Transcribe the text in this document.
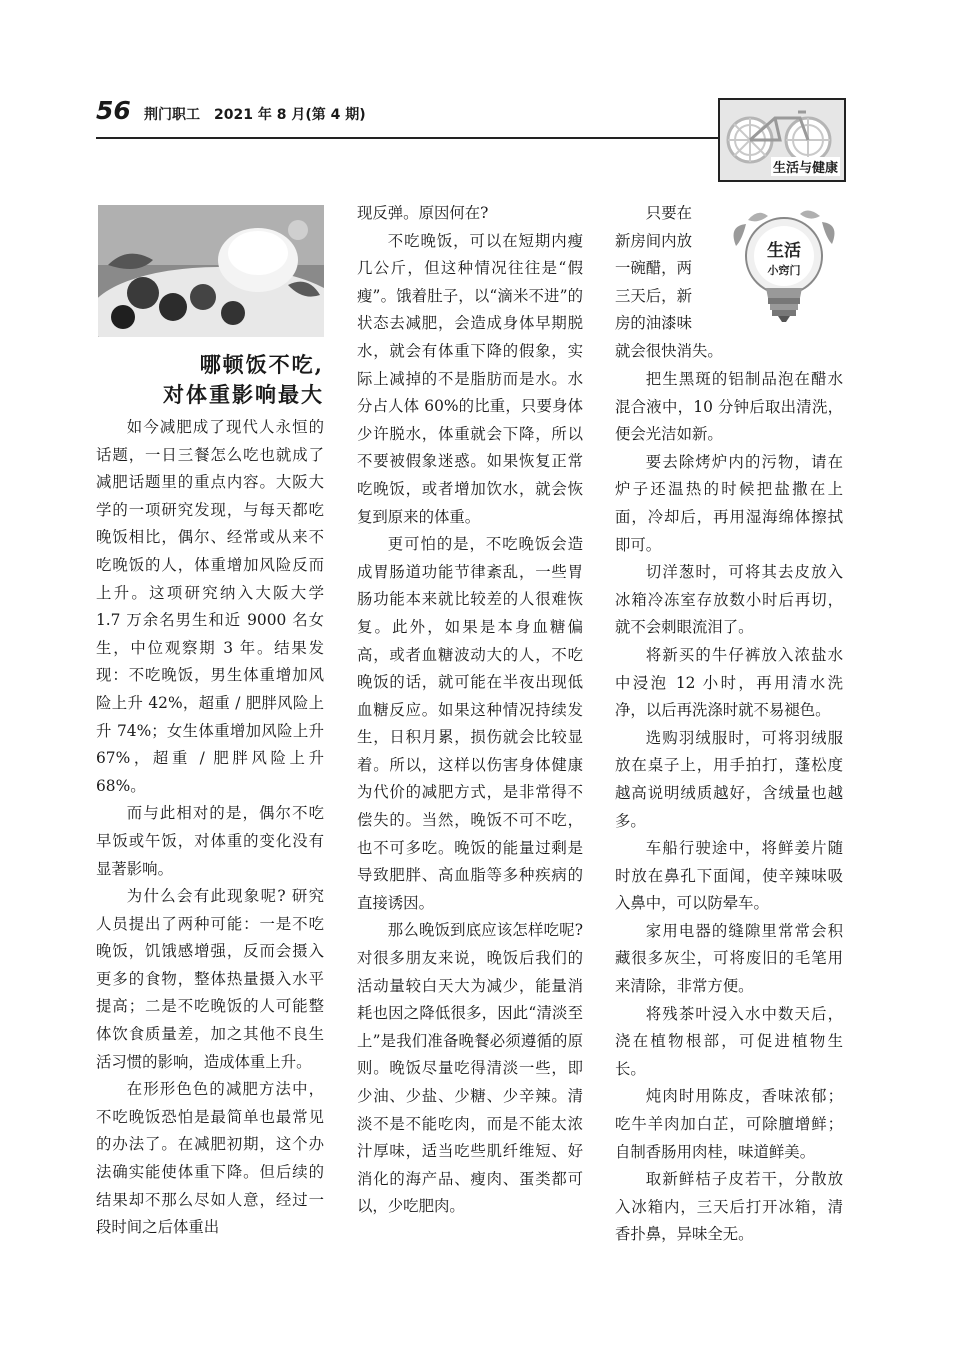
56 荆门职工　2021 年 8 月(第 4 期)
生活与健康
哪顿饭不吃,
对体重影响最大

如今减肥成了现代人永恒的话题，一日三餐怎么吃也就成了减肥话题里的重点内容。大阪大学的一项研究发现，与每天都吃晚饭相比，偶尔、经常或从来不吃晚饭的人，体重增加风险反而上升。这项研究纳入大阪大学 1.7 万余名男生和近 9000 名女生，中位观察期 3 年。结果发现：不吃晚饭，男生体重增加风险上升 42%，超重 / 肥胖风险上升 74%；女生体重增加风险上升 67%，超重 / 肥胖风险上升 68%。

而与此相对的是，偶尔不吃早饭或午饭，对体重的变化没有显著影响。

为什么会有此现象呢? 研究人员提出了两种可能：一是不吃晚饭，饥饿感增强，反而会摄入更多的食物，整体热量摄入水平提高；二是不吃晚饭的人可能整体饮食质量差，加之其他不良生活习惯的影响，造成体重上升。

在形形色色的减肥方法中，不吃晚饭恐怕是最简单也最常见的办法了。在减肥初期，这个办法确实能使体重下降。但后续的结果却不那么尽如人意，经过一段时间之后体重出

现反弹。原因何在?

不吃晚饭，可以在短期内瘦几公斤，但这种情况往往是“假瘦”。饿着肚子，以“滴米不进”的状态去减肥，会造成身体早期脱水，就会有体重下降的假象，实际上减掉的不是脂肪而是水。水分占人体 60%的比重，只要身体少许脱水，体重就会下降，所以不要被假象迷惑。如果恢复正常吃晚饭，或者增加饮水，就会恢复到原来的体重。

更可怕的是，不吃晚饭会造成胃肠道功能节律紊乱，一些胃肠功能本来就比较差的人很难恢复。此外，如果是本身血糖偏高，或者血糖波动大的人，不吃晚饭的话，就可能在半夜出现低血糖反应。如果这种情况持续发生，日积月累，损伤就会比较显着。所以，这样以伤害身体健康为代价的减肥方式，是非常得不偿失的。当然，晚饭不可不吃，也不可多吃。晚饭的能量过剩是导致肥胖、高血脂等多种疾病的直接诱因。

那么晚饭到底应该怎样吃呢? 对很多朋友来说，晚饭后我们的活动量较白天大为减少，能量消耗也因之降低很多，因此“清淡至上”是我们准备晚餐必须遵循的原则。晚饭尽量吃得清淡一些，即少油、少盐、少糖、少辛辣。清淡不是不能吃肉，而是不能太浓汁厚味，适当吃些肌纤维短、好消化的海产品、瘦肉、蛋类都可以，少吃肥肉。

只要在
新房间内放
一碗醋，两
三天后，新
房的油漆味
就会很快消失。
生活
小窍门

把生黑斑的铝制品泡在醋水混合液中，10 分钟后取出清洗，便会光洁如新。

要去除烤炉内的污物，请在炉子还温热的时候把盐撒在上面，冷却后，再用湿海绵体擦拭即可。

切洋葱时，可将其去皮放入冰箱冷冻室存放数小时后再切，就不会刺眼流泪了。

将新买的牛仔裤放入浓盐水中浸泡 12 小时，再用清水洗净，以后再洗涤时就不易褪色。

选购羽绒服时，可将羽绒服放在桌子上，用手拍打，蓬松度越高说明绒质越好，含绒量也越多。

车船行驶途中，将鲜姜片随时放在鼻孔下面闻，使辛辣味吸入鼻中，可以防晕车。

家用电器的缝隙里常常会积藏很多灰尘，可将废旧的毛笔用来清除，非常方便。

将残茶叶浸入水中数天后，浇在植物根部，可促进植物生长。

炖肉时用陈皮，香味浓郁；吃牛羊肉加白芷，可除膻增鲜；自制香肠用肉桂，味道鲜美。

取新鲜桔子皮若干，分散放入冰箱内，三天后打开冰箱，清香扑鼻，异味全无。
